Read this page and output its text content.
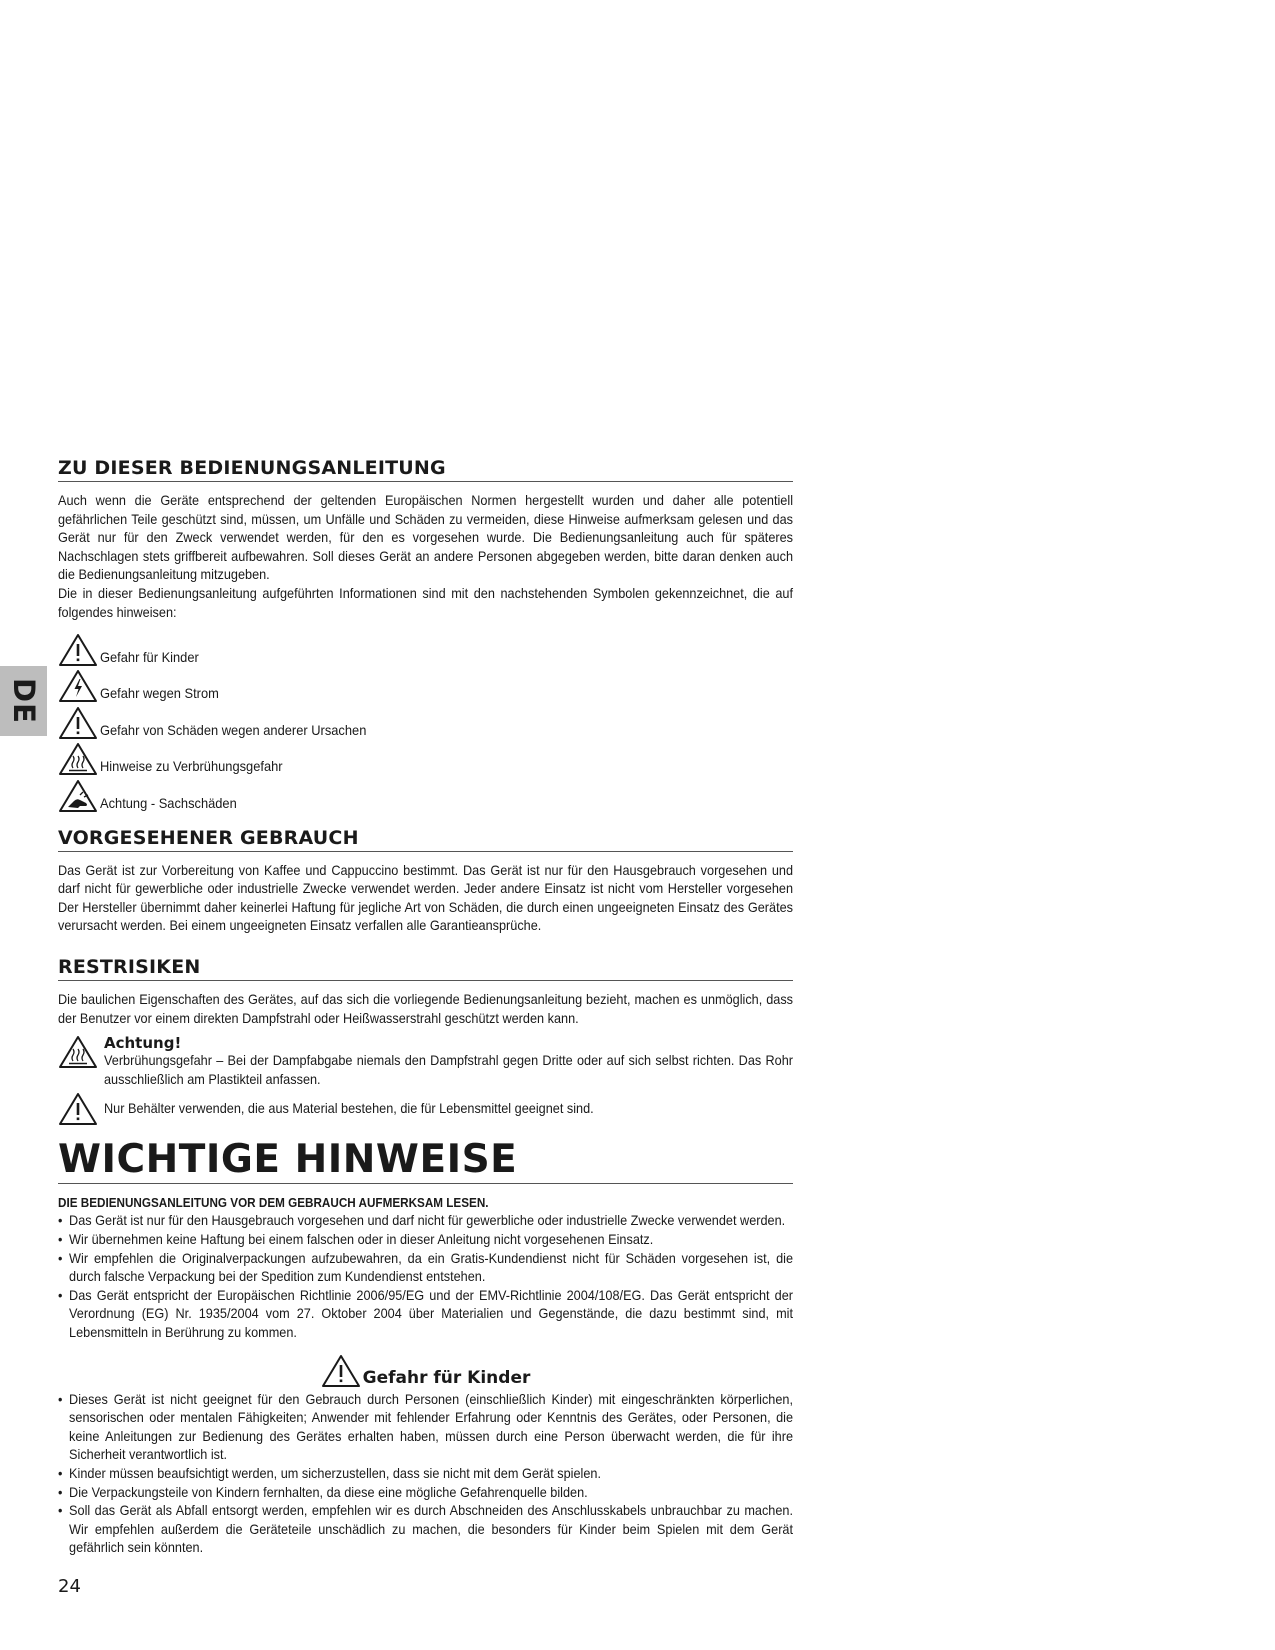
DE
ZU DIESER BEDIENUNGSANLEITUNG

Auch wenn die Geräte entsprechend der geltenden Europäischen Normen hergestellt wurden und daher alle potentiell gefährlichen Teile geschützt sind, müssen, um Unfälle und Schäden zu vermeiden, diese Hinweise aufmerksam gelesen und das Gerät nur für den Zweck verwendet werden, für den es vorgesehen wurde. Die Bedienungsanleitung auch für späteres Nachschlagen stets griffbereit aufbewahren. Soll dieses Gerät an andere Personen abgegeben werden, bitte daran denken auch die Bedienungsanleitung mitzugeben.

Die in dieser Bedienungsanleitung aufgeführten Informationen sind mit den nachstehenden Symbolen gekennzeichnet, die auf folgendes hinweisen:

Gefahr für Kinder
Gefahr wegen Strom
Gefahr von Schäden wegen anderer Ursachen
Hinweise zu Verbrühungsgefahr
Achtung - Sachschäden
VORGESEHENER GEBRAUCH

Das Gerät ist zur Vorbereitung von Kaffee und Cappuccino bestimmt. Das Gerät ist nur für den Hausgebrauch vorgesehen und darf nicht für gewerbliche oder industrielle Zwecke verwendet werden. Jeder andere Einsatz ist nicht vom Hersteller vorgesehen Der Hersteller übernimmt daher keinerlei Haftung für jegliche Art von Schäden, die durch einen ungeeigneten Einsatz des Gerätes verursacht werden. Bei einem ungeeigneten Einsatz verfallen alle Garantieansprüche.

RESTRISIKEN

Die baulichen Eigenschaften des Gerätes, auf das sich die vorliegende Bedienungsanleitung bezieht, machen es unmöglich, dass der Benutzer vor einem direkten Dampfstrahl oder Heißwasserstrahl geschützt werden kann.

Achtung!
Verbrühungsgefahr – Bei der Dampfabgabe niemals den Dampfstrahl gegen Dritte oder auf sich selbst richten. Das Rohr ausschließlich am Plastikteil anfassen.
Nur Behälter verwenden, die aus Material bestehen, die für Lebensmittel geeignet sind.
WICHTIGE HINWEISE
DIE BEDIENUNGSANLEITUNG VOR DEM GEBRAUCH AUFMERKSAM LESEN.
• Das Gerät ist nur für den Hausgebrauch vorgesehen und darf nicht für gewerbliche oder industrielle Zwecke verwendet werden.
• Wir übernehmen keine Haftung bei einem falschen oder in dieser Anleitung nicht vorgesehenen Einsatz.
• Wir empfehlen die Originalverpackungen aufzubewahren, da ein Gratis-Kundendienst nicht für Schäden vorgesehen ist, die durch falsche Verpackung bei der Spedition zum Kundendienst entstehen.
• Das Gerät entspricht der Europäischen Richtlinie 2006/95/EG und der EMV-Richtlinie 2004/108/EG. Das Gerät entspricht der Verordnung (EG) Nr. 1935/2004 vom 27. Oktober 2004 über Materialien und Gegenstände, die dazu bestimmt sind, mit Lebensmitteln in Berührung zu kommen.
Gefahr für Kinder
• Dieses Gerät ist nicht geeignet für den Gebrauch durch Personen (einschließlich Kinder) mit eingeschränkten körperlichen, sensorischen oder mentalen Fähigkeiten; Anwender mit fehlender Erfahrung oder Kenntnis des Gerätes, oder Personen, die keine Anleitungen zur Bedienung des Gerätes erhalten haben, müssen durch eine Person überwacht werden, die für ihre Sicherheit verantwortlich ist.
• Kinder müssen beaufsichtigt werden, um sicherzustellen, dass sie nicht mit dem Gerät spielen.
• Die Verpackungsteile von Kindern fernhalten, da diese eine mögliche Gefahrenquelle bilden.
• Soll das Gerät als Abfall entsorgt werden, empfehlen wir es durch Abschneiden des Anschlusskabels unbrauchbar zu machen. Wir empfehlen außerdem die Geräteteile unschädlich zu machen, die besonders für Kinder beim Spielen mit dem Gerät gefährlich sein könnten.
24
